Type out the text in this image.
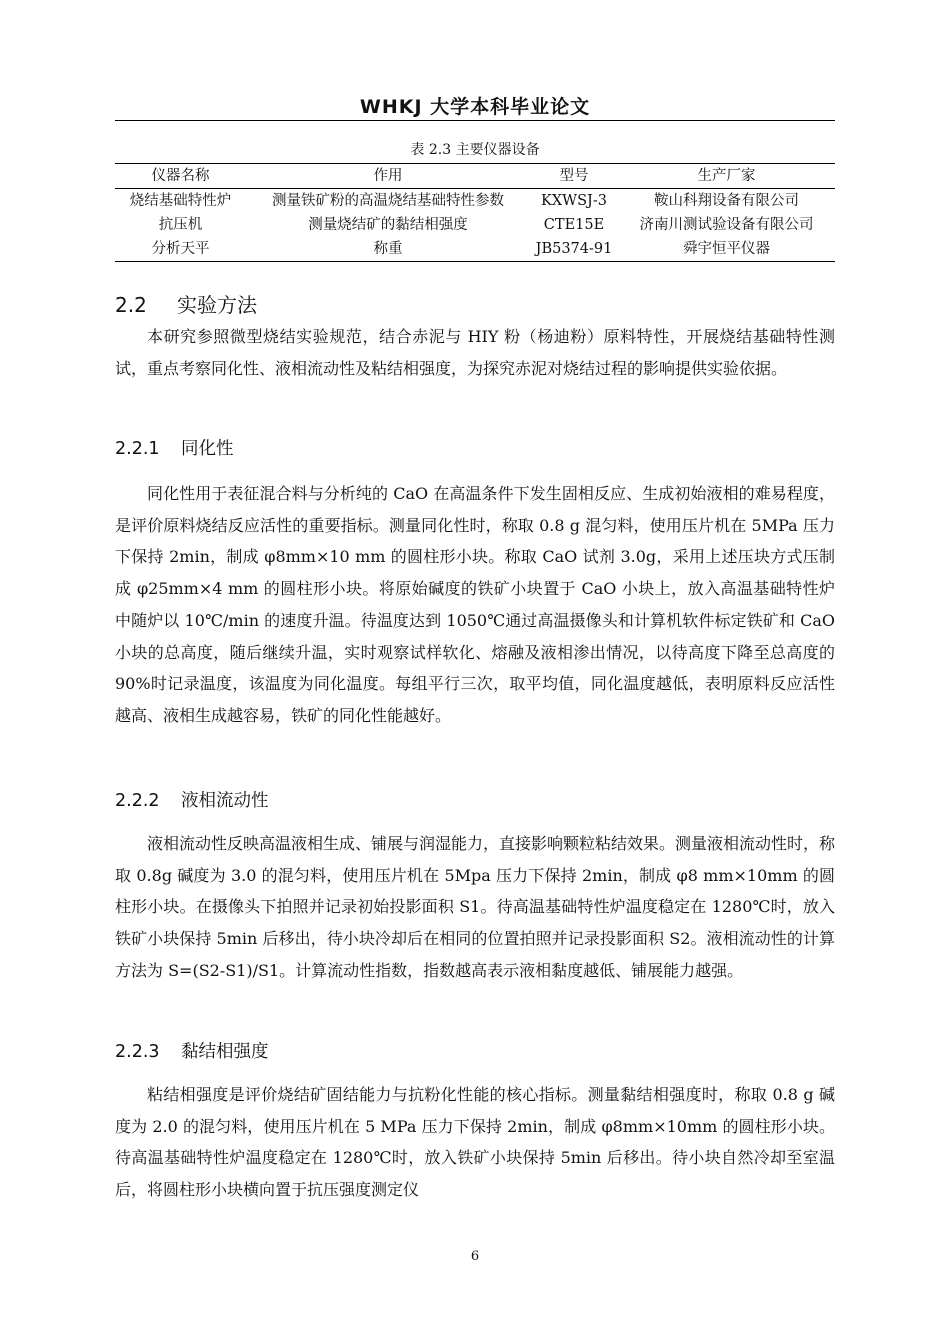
WHKJ 大学本科毕业论文
表 2.3 主要仪器设备
仪器名称	作用	型号	生产厂家
烧结基础特性炉	测量铁矿粉的高温烧结基础特性参数	KXWSJ-3	鞍山科翔设备有限公司
抗压机	测量烧结矿的黏结相强度	CTE15E	济南川测试验设备有限公司
分析天平	称重	JB5374-91	舜宇恒平仪器
2.2 实验方法

本研究参照微型烧结实验规范，结合赤泥与 HIY 粉（杨迪粉）原料特性，开展烧结基础特性测试，重点考察同化性、液相流动性及粘结相强度，为探究赤泥对烧结过程的影响提供实验依据。

2.2.1 同化性

同化性用于表征混合料与分析纯的 CaO 在高温条件下发生固相反应、生成初始液相的难易程度，是评价原料烧结反应活性的重要指标。测量同化性时，称取 0.8 g 混匀料，使用压片机在 5MPa 压力下保持 2min，制成 φ8mm×10 mm 的圆柱形小块。称取 CaO 试剂 3.0g，采用上述压块方式压制成 φ25mm×4 mm 的圆柱形小块。将原始碱度的铁矿小块置于 CaO 小块上，放入高温基础特性炉中随炉以 10℃/min 的速度升温。待温度达到 1050℃通过高温摄像头和计算机软件标定铁矿和 CaO 小块的总高度，随后继续升温，实时观察试样软化、熔融及液相渗出情况，以待高度下降至总高度的 90%时记录温度，该温度为同化温度。每组平行三次，取平均值，同化温度越低，表明原料反应活性越高、液相生成越容易，铁矿的同化性能越好。

2.2.2 液相流动性

液相流动性反映高温液相生成、铺展与润湿能力，直接影响颗粒粘结效果。测量液相流动性时，称取 0.8g 碱度为 3.0 的混匀料，使用压片机在 5Mpa 压力下保持 2min，制成 φ8 mm×10mm 的圆柱形小块。在摄像头下拍照并记录初始投影面积 S1。待高温基础特性炉温度稳定在 1280℃时，放入铁矿小块保持 5min 后移出，待小块冷却后在相同的位置拍照并记录投影面积 S2。液相流动性的计算方法为 S=(S2-S1)/S1。计算流动性指数，指数越高表示液相黏度越低、铺展能力越强。

2.2.3 黏结相强度

粘结相强度是评价烧结矿固结能力与抗粉化性能的核心指标。测量黏结相强度时，称取 0.8 g 碱度为 2.0 的混匀料，使用压片机在 5 MPa 压力下保持 2min，制成 φ8mm×10mm 的圆柱形小块。待高温基础特性炉温度稳定在 1280℃时，放入铁矿小块保持 5min 后移出。待小块自然冷却至室温后，将圆柱形小块横向置于抗压强度测定仪

6
